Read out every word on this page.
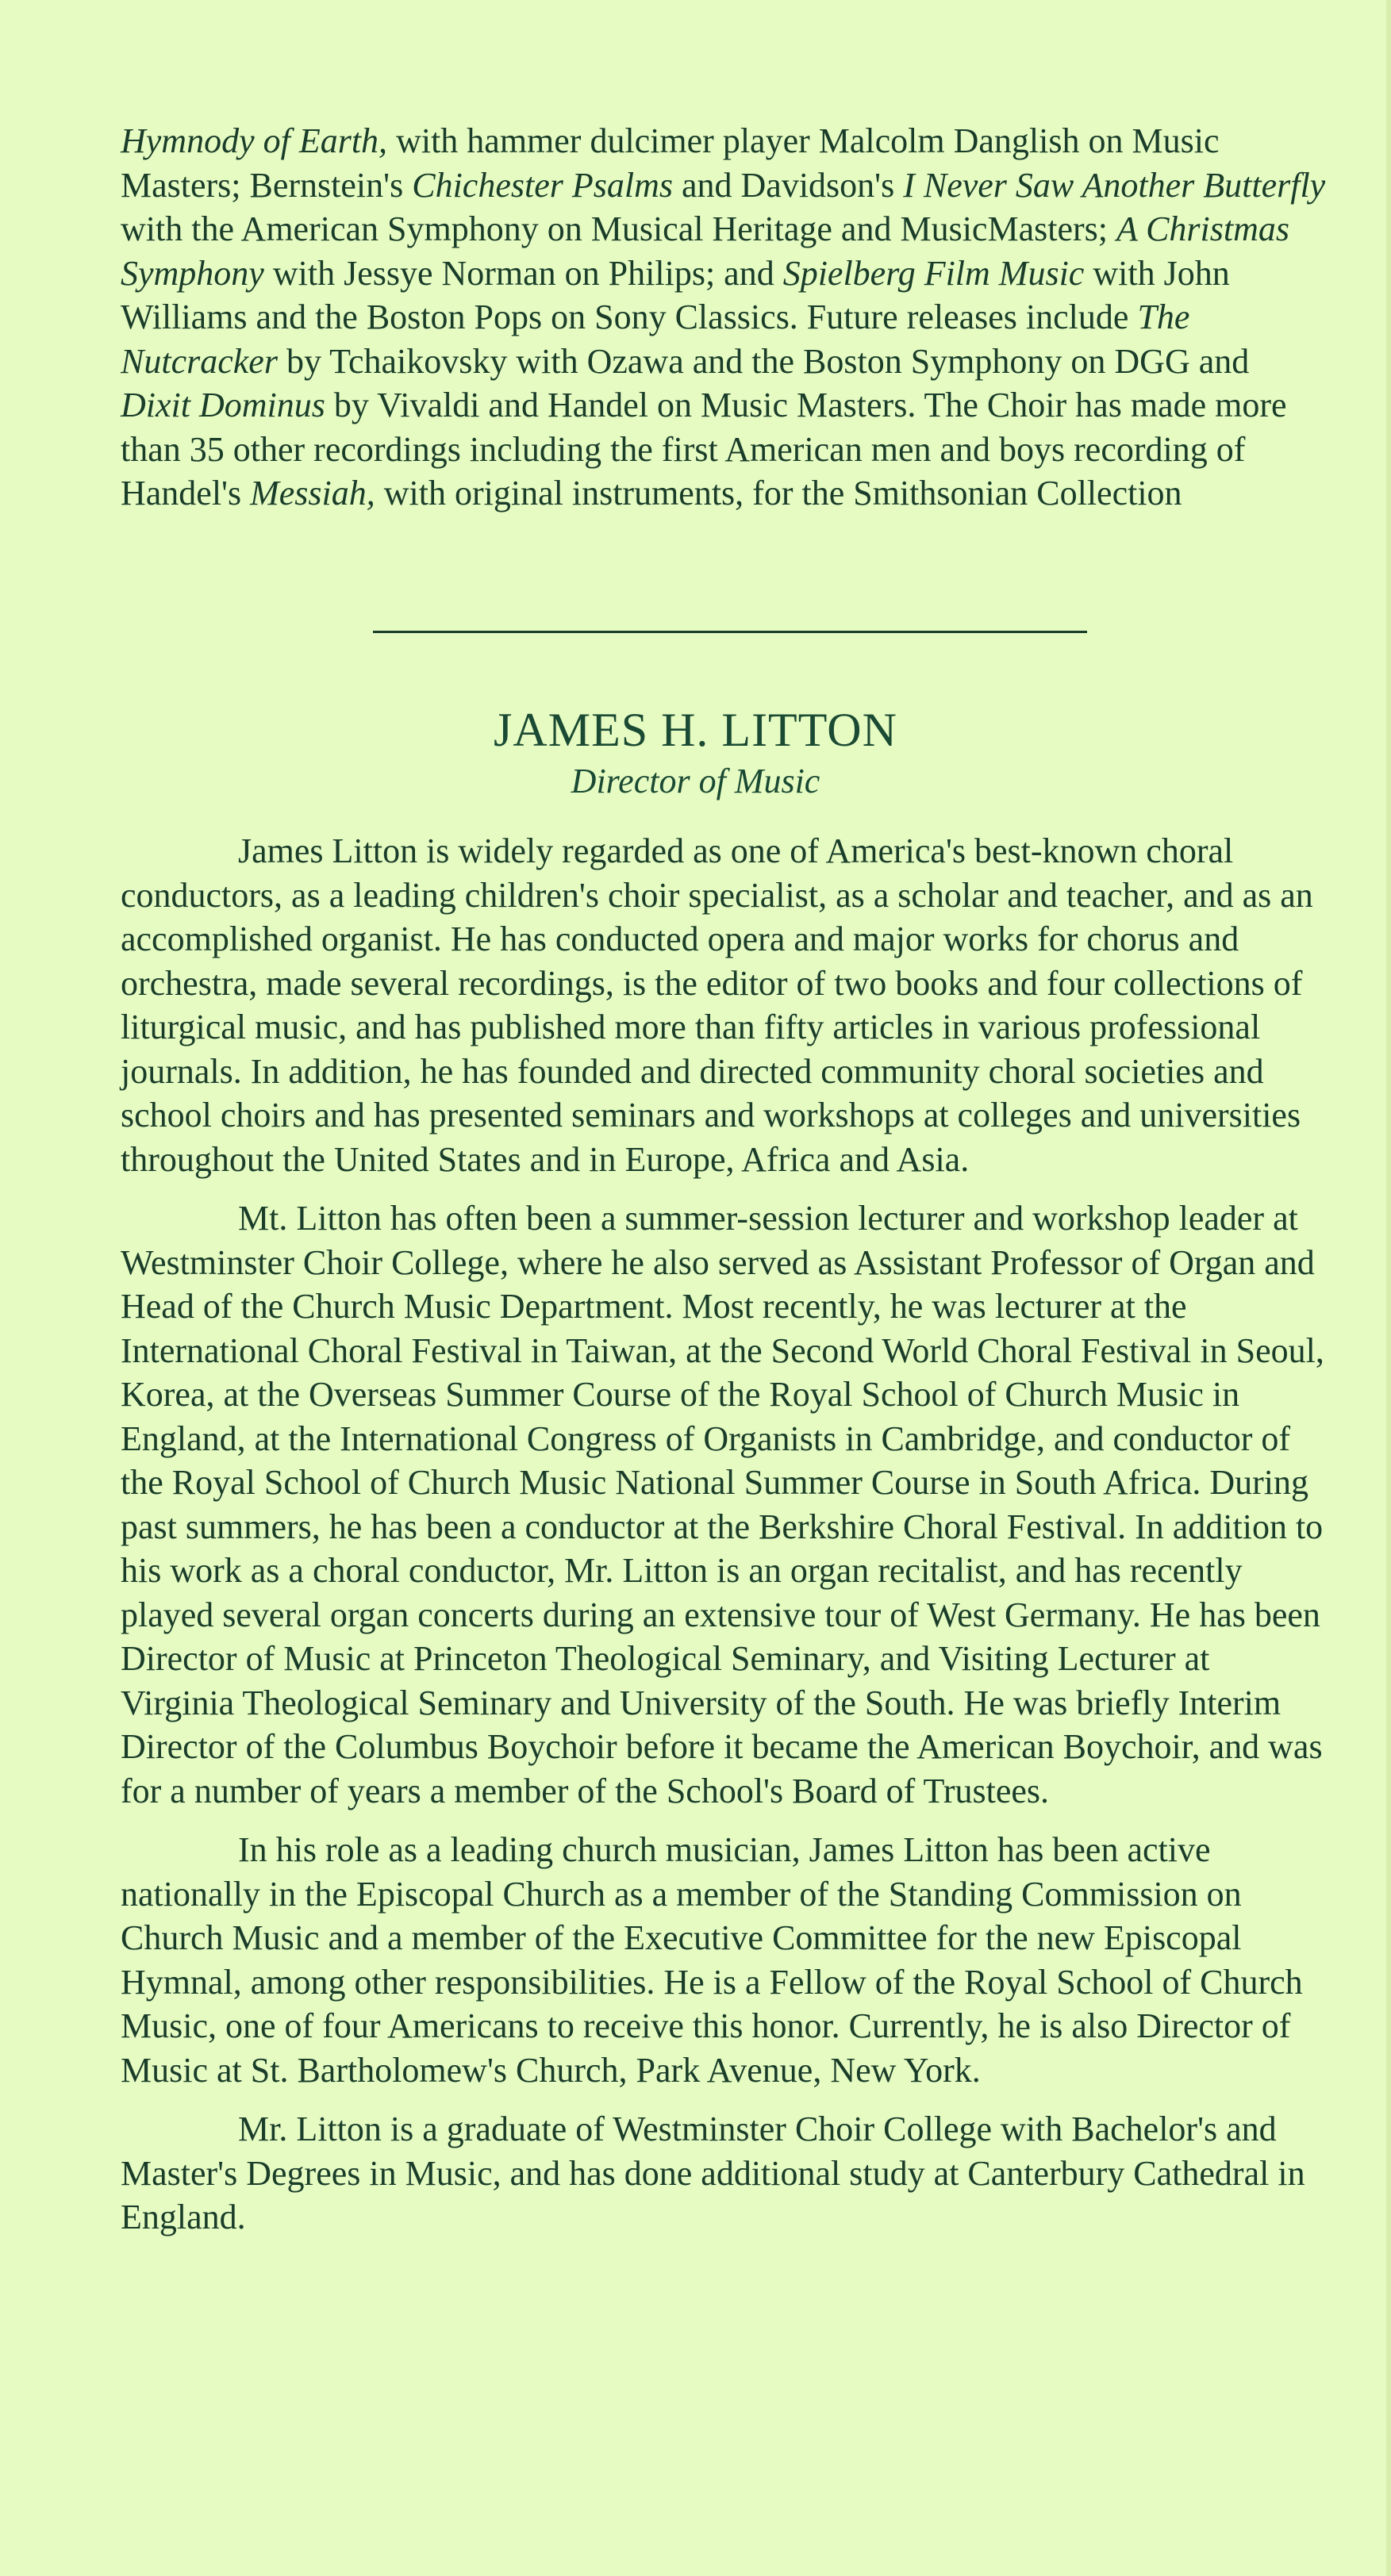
Hymnody of Earth, with hammer dulcimer player Malcolm Danglish on Music Masters; Bernstein's Chichester Psalms and Davidson's I Never Saw Another Butterfly with the American Symphony on Musical Heritage and MusicMasters; A Christmas Symphony with Jessye Norman on Philips; and Spielberg Film Music with John Williams and the Boston Pops on Sony Classics. Future releases include The Nutcracker by Tchaikovsky with Ozawa and the Boston Symphony on DGG and Dixit Dominus by Vivaldi and Handel on Music Masters. The Choir has made more than 35 other recordings including the first American men and boys recording of Handel's Messiah, with original instruments, for the Smithsonian Collection

JAMES H. LITTON
Director of Music

James Litton is widely regarded as one of America's best-known choral conductors, as a leading children's choir specialist, as a scholar and teacher, and as an accomplished organist. He has conducted opera and major works for chorus and orchestra, made several recordings, is the editor of two books and four collections of liturgical music, and has published more than fifty articles in various professional journals. In addition, he has founded and directed community choral societies and school choirs and has presented seminars and workshops at colleges and universities throughout the United States and in Europe, Africa and Asia.

Mt. Litton has often been a summer-session lecturer and workshop leader at Westminster Choir College, where he also served as Assistant Professor of Organ and Head of the Church Music Department. Most recently, he was lecturer at the International Choral Festival in Taiwan, at the Second World Choral Festival in Seoul, Korea, at the Overseas Summer Course of the Royal School of Church Music in England, at the International Congress of Organists in Cambridge, and conductor of the Royal School of Church Music National Summer Course in South Africa. During past summers, he has been a conductor at the Berkshire Choral Festival. In addition to his work as a choral conductor, Mr. Litton is an organ recitalist, and has recently played several organ concerts during an extensive tour of West Germany. He has been Director of Music at Princeton Theological Seminary, and Visiting Lecturer at Virginia Theological Seminary and University of the South. He was briefly Interim Director of the Columbus Boychoir before it became the American Boychoir, and was for a number of years a member of the School's Board of Trustees.

In his role as a leading church musician, James Litton has been active nationally in the Episcopal Church as a member of the Standing Commission on Church Music and a member of the Executive Committee for the new Episcopal Hymnal, among other responsibilities. He is a Fellow of the Royal School of Church Music, one of four Americans to receive this honor. Currently, he is also Director of Music at St. Bartholomew's Church, Park Avenue, New York.

Mr. Litton is a graduate of Westminster Choir College with Bachelor's and Master's Degrees in Music, and has done additional study at Canterbury Cathedral in England.
